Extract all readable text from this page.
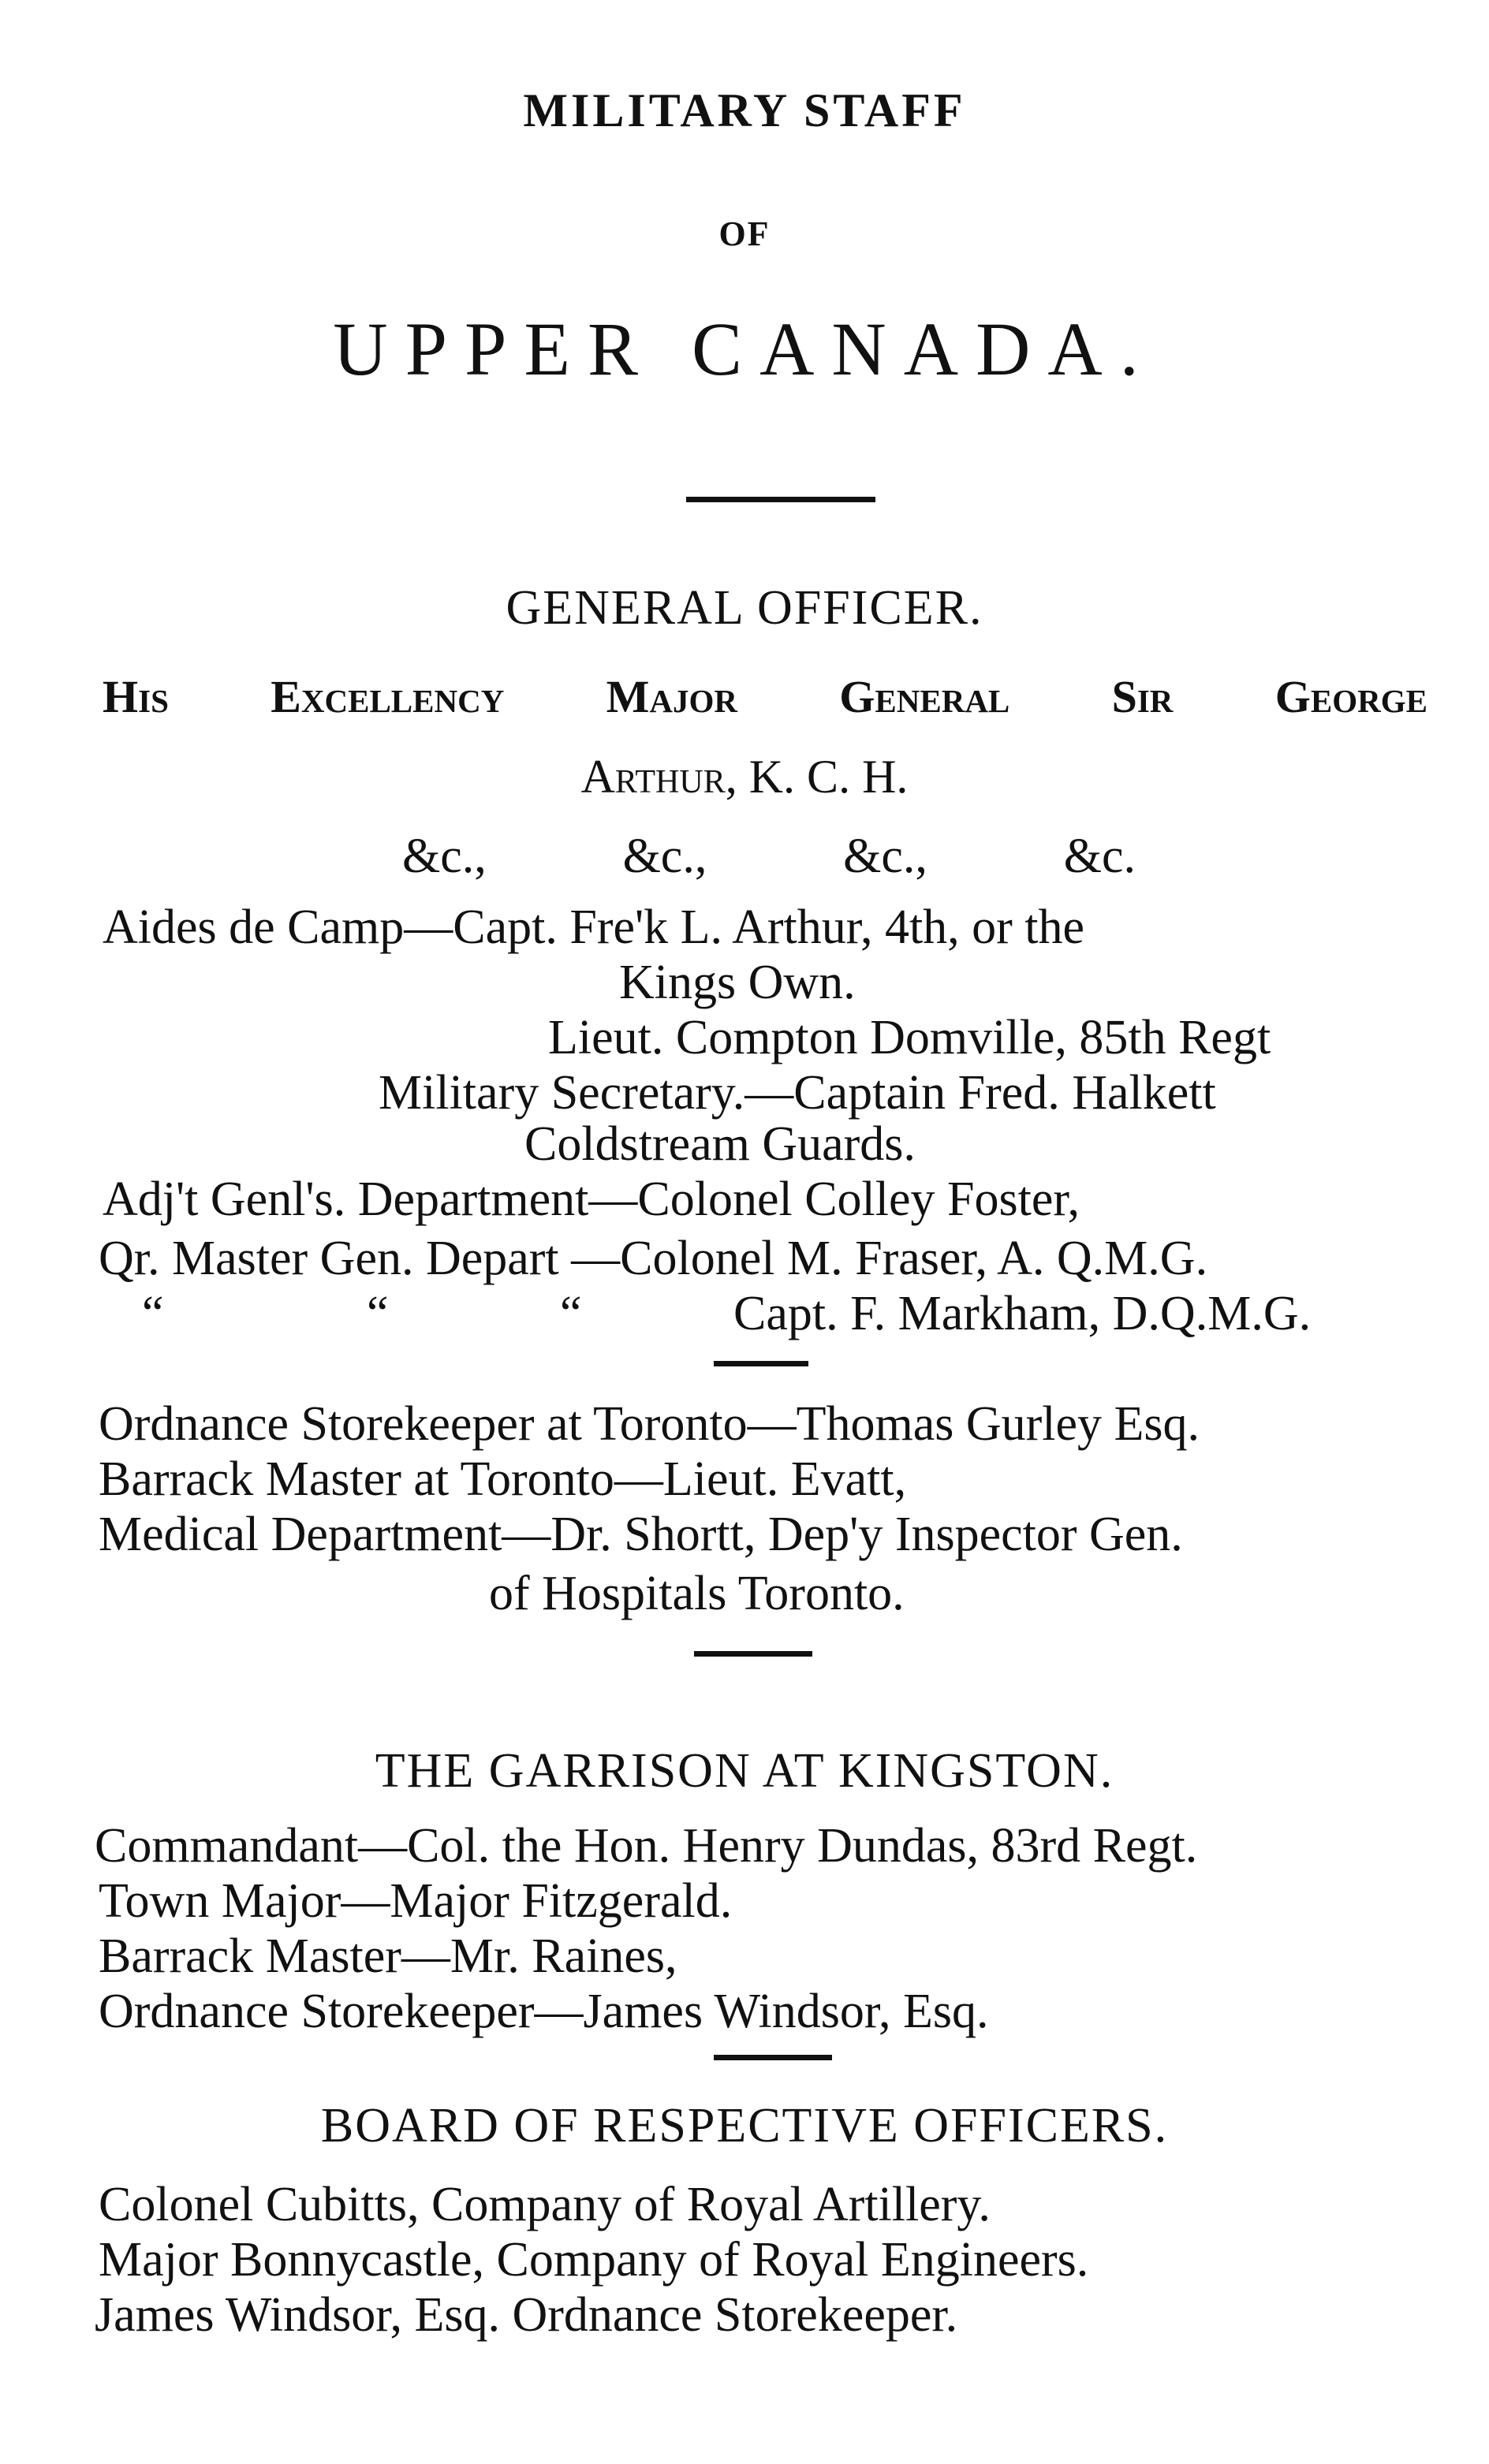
MILITARY STAFF
OF
UPPER CANADA.
GENERAL OFFICER.
His Excellency Major General Sir George
Arthur, K. C. H.
&c.,	&c.,	&c.,	&c.
Aides de Camp—Capt. Fre'k L. Arthur, 4th, or the
Kings Own.
Lieut. Compton Domville, 85th Regt
Military Secretary.—Captain Fred. Halkett
Coldstream Guards.
Adj't Genl's. Department—Colonel Colley Foster,
Qr. Master Gen. Depart —Colonel M. Fraser, A. Q.M.G.
“	“	“	Capt. F. Markham, D.Q.M.G.
Ordnance Storekeeper at Toronto—Thomas Gurley Esq.
Barrack Master at Toronto—Lieut. Evatt,
Medical Department—Dr. Shortt, Dep'y Inspector Gen.
of Hospitals Toronto.
THE GARRISON AT KINGSTON.
Commandant—Col. the Hon. Henry Dundas, 83rd Regt.
Town Major—Major Fitzgerald.
Barrack Master—Mr. Raines,
Ordnance Storekeeper—James Windsor, Esq.
BOARD OF RESPECTIVE OFFICERS.
Colonel Cubitts, Company of Royal Artillery.
Major Bonnycastle, Company of Royal Engineers.
James Windsor, Esq. Ordnance Storekeeper.
